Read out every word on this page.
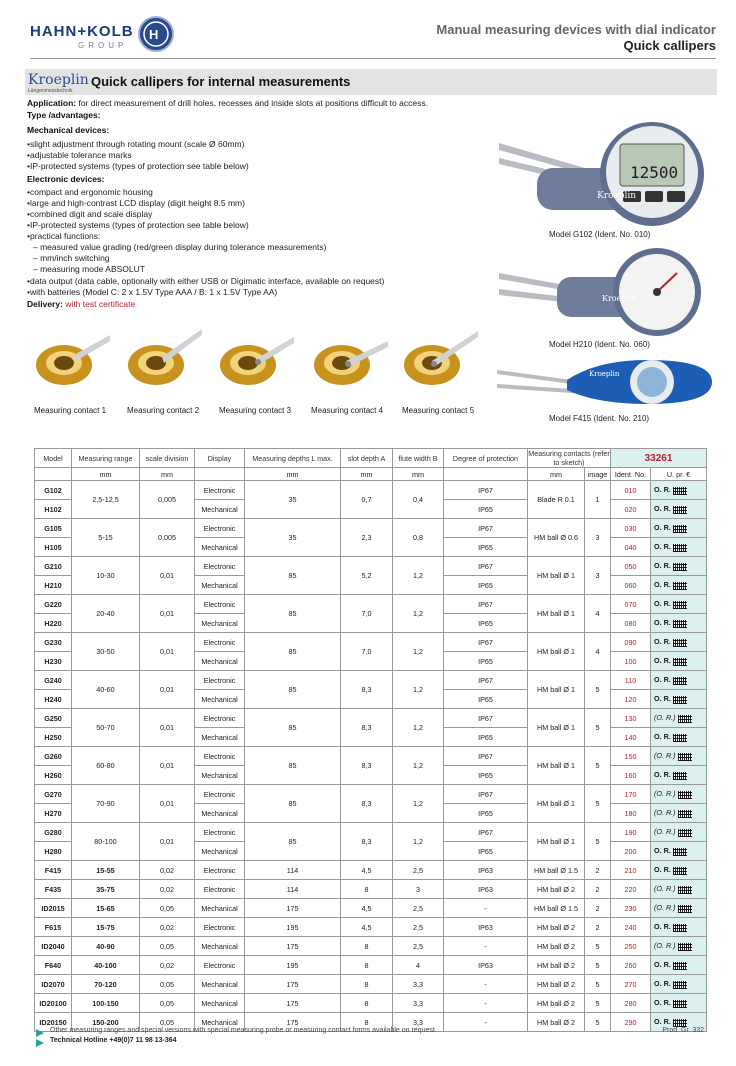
HAHN+KOLB
GROUP
H	Manual measuring devices with dial indicator
Quick callipers
Kroeplin
Längenmesstechnik
Quick callipers for internal measurements
Application: for direct measurement of drill holes, recesses and inside slots at positions difficult to access.
Type /advantages:
Mechanical devices:
•slight adjustment through rotating mount (scale Ø 60mm)
•adjustable tolerance marks
•IP-protected systems (types of protection see table below)
Electronic devices:
•compact and ergonomic housing
•large and high-contrast LCD display (digit height 8.5 mm)
•combined digit and scale display
•IP-protected systems (types of protection see table below)
•practical functions:
– measured value grading (red/green display during tolerance measurements)
– mm/inch switching
– measuring mode ABSOLUT
•data output (data cable, optionally with either USB or Digimatic interface, available on request)
•with batteries (Model C: 2 x 1.5V Type AAA / B: 1 x 1.5V Type AA)
Delivery: with test certificate
12500
Kroeplin
Model G102 (Ident. No. 010)
Kroeplin
Model H210 (Ident. No. 060)
Kroeplin
Model F415 (Ident. No. 210)
Measuring contact 1	Measuring contact 2 Measuring contact 3 Measuring contact 4 Measuring contact 5
Model	Measuring range	scale division	Display	Measuring depths L max.	slot depth A	flute width B	Degree of protection	Measuring contacts (refer to sketch)		33261	
	mm	mm		mm	mm	mm		mm	image	Ident. No.	U. pr. €
G102	2,5-12,5	0,005	Electronic	35	0,7	0,4	IP67	Blade R 0.1	1	010	O. R.
H102			Mechanical				IP65			020	O. R.
G105	5-15	0,005	Electronic	35	2,3	0,8	IP67	HM ball Ø 0.6	3	030	O. R.
H105			Mechanical				IP65			040	O. R.
G210	10-30	0,01	Electronic	85	5,2	1,2	IP67	HM ball Ø 1	3	050	O. R.
H210			Mechanical				IP65			060	O. R.
G220	20-40	0,01	Electronic	85	7,0	1,2	IP67	HM ball Ø 1	4	070	O. R.
H220			Mechanical				IP65			080	O. R.
G230	30-50	0,01	Electronic	85	7,0	1,2	IP67	HM ball Ø 1	4	090	O. R.
H230			Mechanical				IP65			100	O. R.
G240	40-60	0,01	Electronic	85	8,3	1,2	IP67	HM ball Ø 1	5	110	O. R.
H240			Mechanical				IP65			120	O. R.
G250	50-70	0,01	Electronic	85	8,3	1,2	IP67	HM ball Ø 1	5	130	(O. R.)
H250			Mechanical				IP65			140	O. R.
G260	60-80	0,01	Electronic	85	8,3	1,2	IP67	HM ball Ø 1	5	150	(O. R.)
H260			Mechanical				IP65			160	O. R.
G270	70-90	0,01	Electronic	85	8,3	1,2	IP67	HM ball Ø 1	5	170	(O. R.)
H270			Mechanical				IP65			180	(O. R.)
G280	80-100	0,01	Electronic	85	8,3	1,2	IP67	HM ball Ø 1	5	190	(O. R.)
H280			Mechanical				IP65			200	O. R.
F415	15-55	0,02	Electronic	114	4,5	2,5	IP63	HM ball Ø 1.5	2	210	O. R.
F435	35-75	0,02	Electronic	114	8	3	IP63	HM ball Ø 2	2	220	(O. R.)
ID2015	15-65	0,05	Mechanical	175	4,5	2,5	-	HM ball Ø 1.5	2	230	(O. R.)
F615	15-75	0,02	Electronic	195	4,5	2,5	IP63	HM ball Ø 2	2	240	O. R.
ID2040	40-90	0,05	Mechanical	175	8	2,5	-	HM ball Ø 2	5	250	(O. R.)
F640	40-100	0,02	Electronic	195	8	4	IP63	HM ball Ø 2	5	260	O. R.
ID2070	70-120	0,05	Mechanical	175	8	3,3	-	HM ball Ø 2	5	270	O. R.
ID20100	100-150	0,05	Mechanical	175	8	3,3	-	HM ball Ø 2	5	280	O. R.
ID20150	150-200	0,05	Mechanical	175	8	3,3	-	HM ball Ø 2	5	290	O. R.
Other measuring ranges and special versions with special measuring probe or measuring contact forms available on request.
Technical Hotline +49(0)7 11 98 13-364
Prod. Gr. 332
